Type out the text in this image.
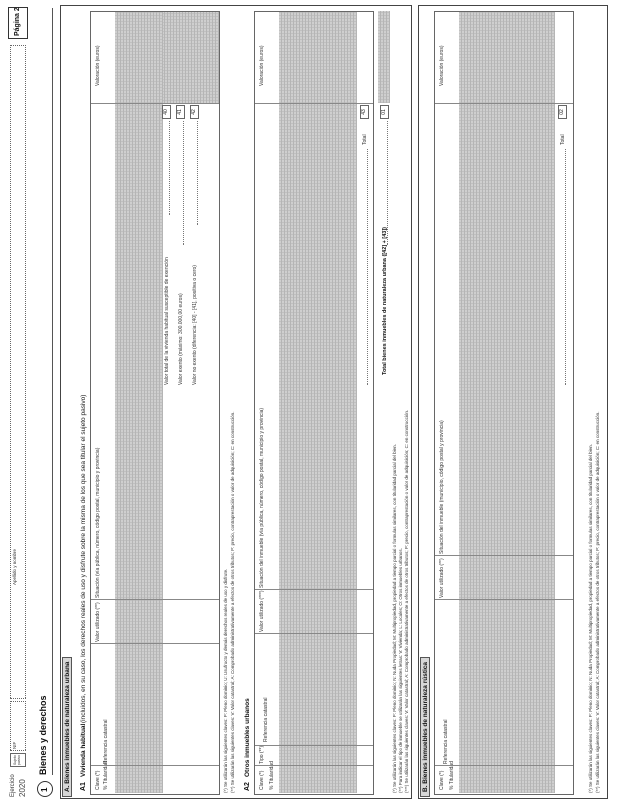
Ejercicio 2020
Sujeto pasivo
NIF
Apellido y nombre
Página 2
1
Bienes y derechos A. Bienes inmuebles de naturaleza urbana A1
Vivienda habitual
(incluidos, en su caso, los derechos reales de uso y disfrute sobre la misma de los que sea titular el sujeto pasivo)
Clave (*) % Titularidad
Referencia catastral
Valor utilizado (**)
Situación (vía pública, número, código postal, municipio y provincia)
Valoración (euros)
Valor total de la vivienda habitual susceptible de exención
40
Valor exento (máximo: 300.000,00 euros)
41
Valor no exento (diferencia: [40] - [41], positiva o cero)
42
(*) Se utilizarán las siguientes claves: P: Pleno dominio; U: Usufructo y demás derechos reales de uso y disfrute. (**) Se utilizarán las siguientes claves: V: Valor catastral; A: Comprobado administrativamente a efectos de otros tributos; P: precio, contraprestación o valor de adquisición; C: en construcción. A2
Otros inmuebles urbanos
Clave (*) % Titularidad
Tipo (**)
Referencia catastral
Valor utilizado (***)
Situación del inmueble (vía pública, número, código postal, municipio y provincia)
Valoración (euros)
Total
43
Total bienes inmuebles de naturaleza urbana ([42] + [43])
01
(*) Se utilizarán las siguientes claves: P: Pleno dominio; N: Nuda Propiedad; M: Multipropiedad, propiedad a tiempo parcial o formulas similares, con titularidad parcial del bien. (**) Para indicar el tipo de inmueble se utilizarán las siguientes letras: V: Vivienda; L: Locales; O: Otros inmuebles urbanos. (***) Se utilizarán las siguientes claves: V: Valor catastral; A: Comprobado administrativamente a efectos de otros tributos; P: precio, contraprestación o valor de adquisición; C: en construcción. B. Bienes inmuebles de naturaleza rústica Clave (*) % Titularidad
Referencia catastral
Valor utilizado (**)
Situación del inmueble (municipio, código postal y provincia)
Valoración (euros)
Total
02
(*) Se utilizarán las siguientes claves: P: Pleno dominio; N: Nuda Propiedad; M: Multipropiedad, propiedad a tiempo parcial o formulas similares, con titularidad parcial del bien. (**) Se utilizarán las siguientes claves: V: Valor catastral; A: Comprobado administrativamente a efectos de otros tributos; P: precio, contraprestación o valor de adquisición; C: en construcción.
